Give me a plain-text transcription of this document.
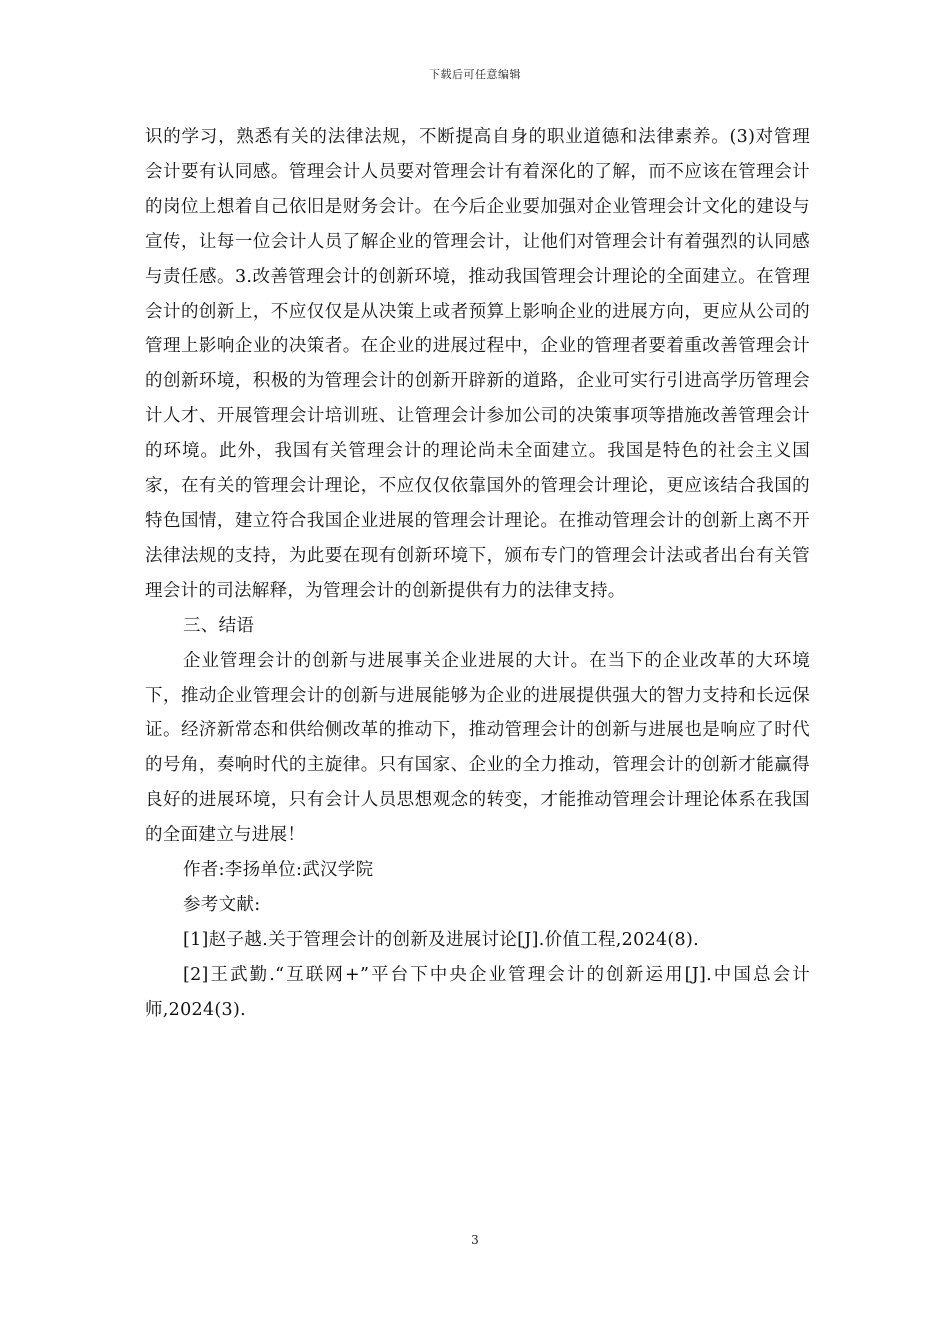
下载后可任意编辑

识的学习，熟悉有关的法律法规，不断提高自身的职业道德和法律素养。(3)对管理会计要有认同感。管理会计人员要对管理会计有着深化的了解，而不应该在管理会计的岗位上想着自己依旧是财务会计。在今后企业要加强对企业管理会计文化的建设与宣传，让每一位会计人员了解企业的管理会计，让他们对管理会计有着强烈的认同感与责任感。3.改善管理会计的创新环境，推动我国管理会计理论的全面建立。在管理会计的创新上，不应仅仅是从决策上或者预算上影响企业的进展方向，更应从公司的管理上影响企业的决策者。在企业的进展过程中，企业的管理者要着重改善管理会计的创新环境，积极的为管理会计的创新开辟新的道路，企业可实行引进高学历管理会计人才、开展管理会计培训班、让管理会计参加公司的决策事项等措施改善管理会计的环境。此外，我国有关管理会计的理论尚未全面建立。我国是特色的社会主义国家，在有关的管理会计理论，不应仅仅依靠国外的管理会计理论，更应该结合我国的特色国情，建立符合我国企业进展的管理会计理论。在推动管理会计的创新上离不开法律法规的支持，为此要在现有创新环境下，颁布专门的管理会计法或者出台有关管理会计的司法解释，为管理会计的创新提供有力的法律支持。

三、结语

企业管理会计的创新与进展事关企业进展的大计。在当下的企业改革的大环境下，推动企业管理会计的创新与进展能够为企业的进展提供强大的智力支持和长远保证。经济新常态和供给侧改革的推动下，推动管理会计的创新与进展也是响应了时代的号角，奏响时代的主旋律。只有国家、企业的全力推动，管理会计的创新才能赢得良好的进展环境，只有会计人员思想观念的转变，才能推动管理会计理论体系在我国的全面建立与进展！

作者:李扬单位:武汉学院

参考文献:

[1]赵子越.关于管理会计的创新及进展讨论[J].价值工程,2024(8).

[2]王武勤.“互联网+”平台下中央企业管理会计的创新运用[J].中国总会计师,2024(3).

3
